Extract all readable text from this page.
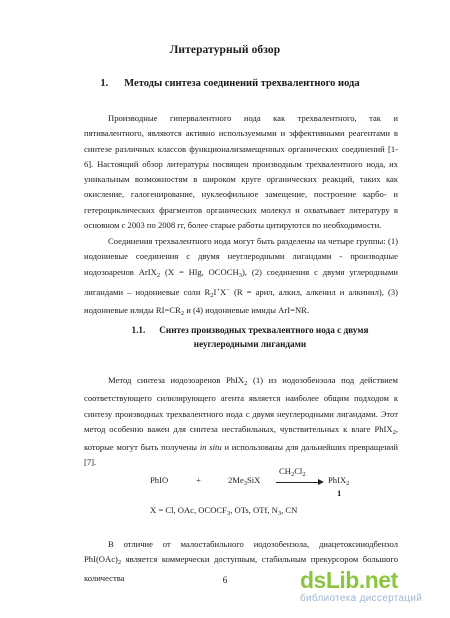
Литературный обзор
1. Методы синтеза соединений трехвалентного иода
Производные гипервалентного иода как трехвалентного, так и пятивалентного, являются активно используемыми и эффективными реагентами в синтезе различных классов функционализамещенных органических соединений [1-6]. Настоящий обзор литературы посвящен производным трехвалентного иода, их уникальным возможностям в широком круге органических реакций, таких как окисление, галогенирование, нуклеофильное замещение, построение карбо- и гетероциклических фрагментов органических молекул и охватывает литературу в основном с 2003 по 2008 гг, более старые работы цитируются по необходимости.
Соединения трехвалентного иода могут быть разделены на четыре группы: (1) иодониевые соединения с двумя неуглеродными лигандами - производные иодозоаренов ArIX$_2$ (X = Hlg, $OCOCH_3$), (2) соединения с двумя углеродными лигандами – иодониевые соли $R_2I^+X^-$ (R = арил, алкил, алкенил и алкинил), (3) иодониевые илиды $RI=CR_2$ и (4) иодониевые имиды ArI=NR.
1.1. Синтез производных трехвалентного иода с двумя неуглеродными лигандами
Метод синтеза иодозоаренов PhIX$_2$ (1) из иодозобензола под действием соответствующего силилирующего агента является наиболее общим подходом к синтезу производных трехвалентного иода с двумя неуглеродными лигандами. Этот метод особенно важен для синтеза нестабильных, чувствительных к влаге PhIX$_2$, которые могут быть получены in situ и использованы для дальнейших превращений [7].
PhIO	+	$2Me_3SiX$
$CH_2Cl_2$
PhIX$_2$
1
X = Cl, OAc, $OCOCF_3$, OTs, OTf, $N_3$, CN
В отличие от малостабильного иодозобензола, диацетоксииодбензол $PhI(OAc)_2$ является коммерчески доступным, стабильным прекурсором большого количества	6	dsLib.net
библиотека диссертаций
